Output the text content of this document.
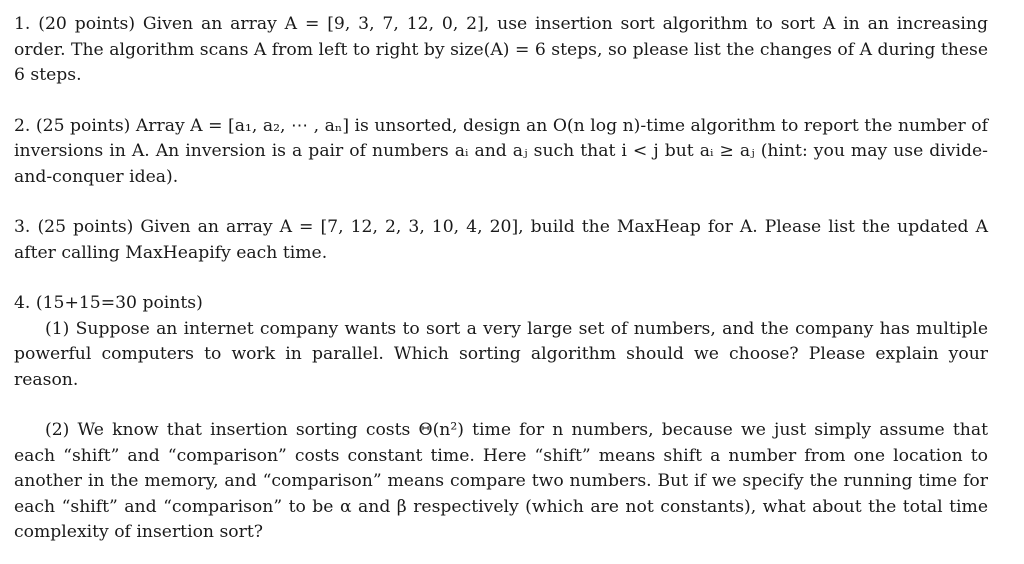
1. (20 points) Given an array A = [9, 3, 7, 12, 0, 2], use insertion sort algorithm to sort A in an increasing order. The algorithm scans A from left to right by size(A) = 6 steps, so please list the changes of A during these 6 steps.

2. (25 points) Array A = [a₁, a₂, ⋯ , aₙ] is unsorted, design an O(n log n)-time algorithm to report the number of inversions in A. An inversion is a pair of numbers aᵢ and aⱼ such that i < j but aᵢ ≥ aⱼ (hint: you may use divide-and-conquer idea).

3. (25 points) Given an array A = [7, 12, 2, 3, 10, 4, 20], build the MaxHeap for A. Please list the updated A after calling MaxHeapify each time.

4. (15+15=30 points)

(1) Suppose an internet company wants to sort a very large set of numbers, and the company has multiple powerful computers to work in parallel. Which sorting algorithm should we choose? Please explain your reason.

(2) We know that insertion sorting costs Θ(n²) time for n numbers, because we just simply assume that each “shift” and “comparison” costs constant time. Here “shift” means shift a number from one location to another in the memory, and “comparison” means compare two numbers. But if we specify the running time for each “shift” and “comparison” to be α and β respectively (which are not constants), what about the total time complexity of insertion sort?
